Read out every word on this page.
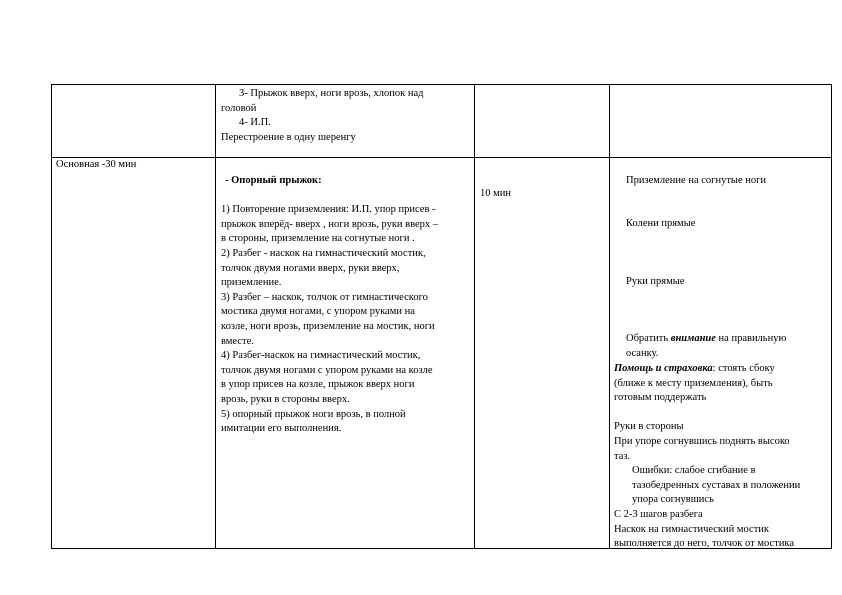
3- Прыжок вверх, ноги врозь, хлопок над
головой
4- И.П.
Перестроение в одну шеренгу
Основная -30 мин
- Опорный прыжок:
1) Повторение приземления: И.П. упор присев -
прыжок вперёд- вверх , ноги врозь, руки вверх –
в стороны, приземление на согнутые ноги .
2) Разбег - наскок на гимнастический мостик,
толчок двумя ногами вверх, руки вверх,
приземление.
3) Разбег – наскок, толчок от гимнастического
мостика двумя ногами, с упором руками на
козле, ноги врозь, приземление на мостик, ноги
вместе.
4) Разбег-наскок на гимнастический мостик,
толчок двумя ногами с упором руками на козле
в упор присев на козле, прыжок вверх ноги
врозь, руки в стороны вверх.
5) опорный прыжок ноги врозь, в полной
имитации его выполнения.
10 мин
Приземление на согнутые ноги
Колени прямые
Руки прямые
Обратить внимание на правильную
осанку.
Помощь и страховка: стоять сбоку
(ближе к месту приземления), быть
готовым поддержать
Руки в стороны
При упоре согнувшись поднять высоко
таз.
Ошибки: слабое сгибание в
тазобедренных суставах в положении
упора согнувшись
С 2-3 шагов разбега
Наскок на гимнастический мостик
выполняется до него, толчок от мостика
